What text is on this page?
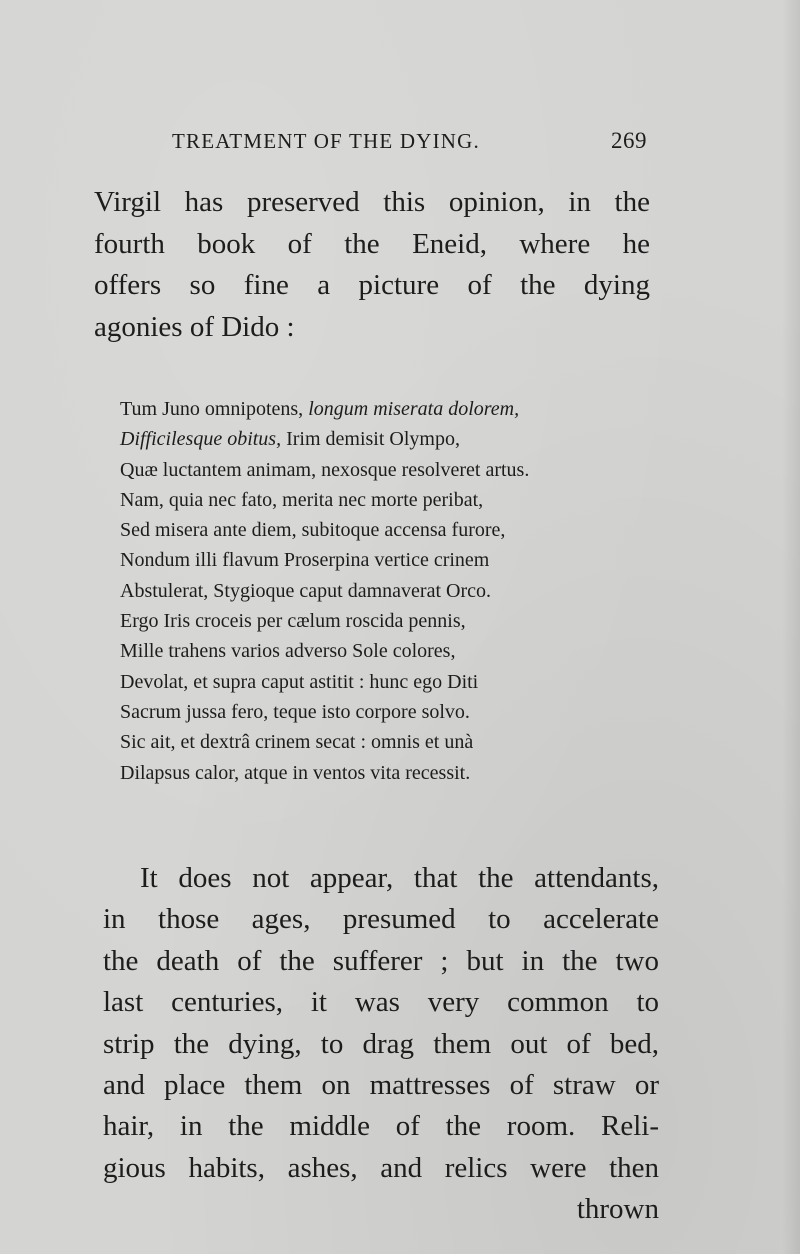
TREATMENT OF THE DYING.	269
Virgil has preserved this opinion, in the
fourth book of the Eneid, where he
offers so fine a picture of the dying
agonies of Dido :
Tum Juno omnipotens, longum miserata dolorem,
Difficilesque obitus, Irim demisit Olympo,
Quæ luctantem animam, nexosque resolveret artus.
Nam, quia nec fato, merita nec morte peribat,
Sed misera ante diem, subitoque accensa furore,
Nondum illi flavum Proserpina vertice crinem
Abstulerat, Stygioque caput damnaverat Orco.
Ergo Iris croceis per cælum roscida pennis,
Mille trahens varios adverso Sole colores,
Devolat, et supra caput astitit : hunc ego Diti
Sacrum jussa fero, teque isto corpore solvo.
Sic ait, et dextrâ crinem secat : omnis et unà
Dilapsus calor, atque in ventos vita recessit.
It does not appear, that the attendants,
in those ages, presumed to accelerate
the death of the sufferer ; but in the two
last centuries, it was very common to
strip the dying, to drag them out of bed,
and place them on mattresses of straw or
hair, in the middle of the room. Reli-
gious habits, ashes, and relics were then
thrown
